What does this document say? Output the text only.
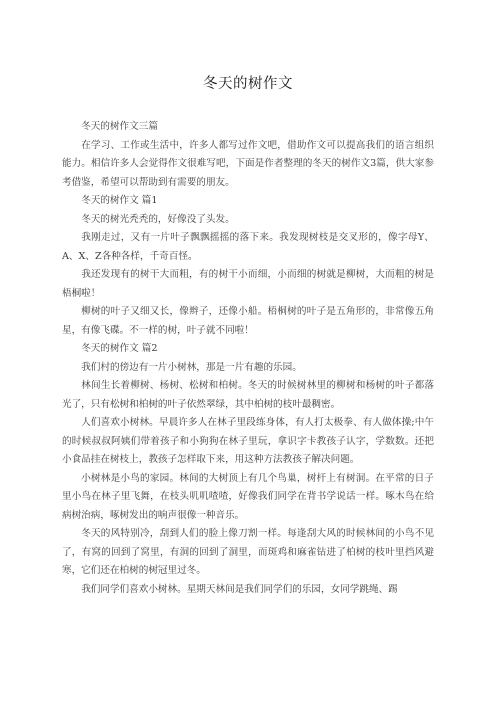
冬天的树作文

冬天的树作文三篇

在学习、工作或生活中，许多人都写过作文吧，借助作文可以提高我们的语言组织能力。相信许多人会觉得作文很难写吧，下面是作者整理的冬天的树作文3篇，供大家参考借鉴，希望可以帮助到有需要的朋友。

冬天的树作文 篇1

冬天的树光秃秃的，好像没了头发。

我刚走过，又有一片叶子飘飘摇摇的落下来。我发现树枝是交叉形的，像字母Y、A、X、Z各种各样，千奇百怪。

我还发现有的树干大而粗，有的树干小而细，小而细的树就是柳树，大而粗的树是梧桐啦！

柳树的叶子又细又长，像辫子，还像小船。梧桐树的叶子是五角形的，非常像五角星，有像飞碟。不一样的树，叶子就不同啦！

冬天的树作文 篇2

我们村的傍边有一片小树林，那是一片有趣的乐园。

林间生长着柳树、杨树、松树和柏树。冬天的时候树林里的柳树和杨树的叶子都落光了，只有松树和柏树的叶子依然翠绿，其中柏树的枝叶最稠密。

人们喜欢小树林。早晨许多人在林子里段练身体，有人打太极拳、有人做体操;中午的时候叔叔阿姨们带着孩子和小狗狗在林子里玩，拿识字卡教孩子认字，学数数。还把小食品挂在树枝上，教孩子怎样取下来，用这种方法教孩子解决问题。

小树林是小鸟的家园。林间的大树顶上有几个鸟巢，树杆上有树洞。在平常的日子里小鸟在林子里飞舞，在枝头叽叽喳喳，好像我们同学在背书学说话一样。啄木鸟在给病树治病，啄树发出的响声很像一种音乐。

冬天的风特别冷，刮到人们的脸上像刀割一样。每逢刮大风的时候林间的小鸟不见了，有窝的回到了窝里，有洞的回到了洞里，而斑鸡和麻雀钻进了柏树的枝叶里挡风避寒，它们还在柏树的树冠里过冬。

我们同学们喜欢小树林。星期天林间是我们同学们的乐园，女同学跳绳、踢
